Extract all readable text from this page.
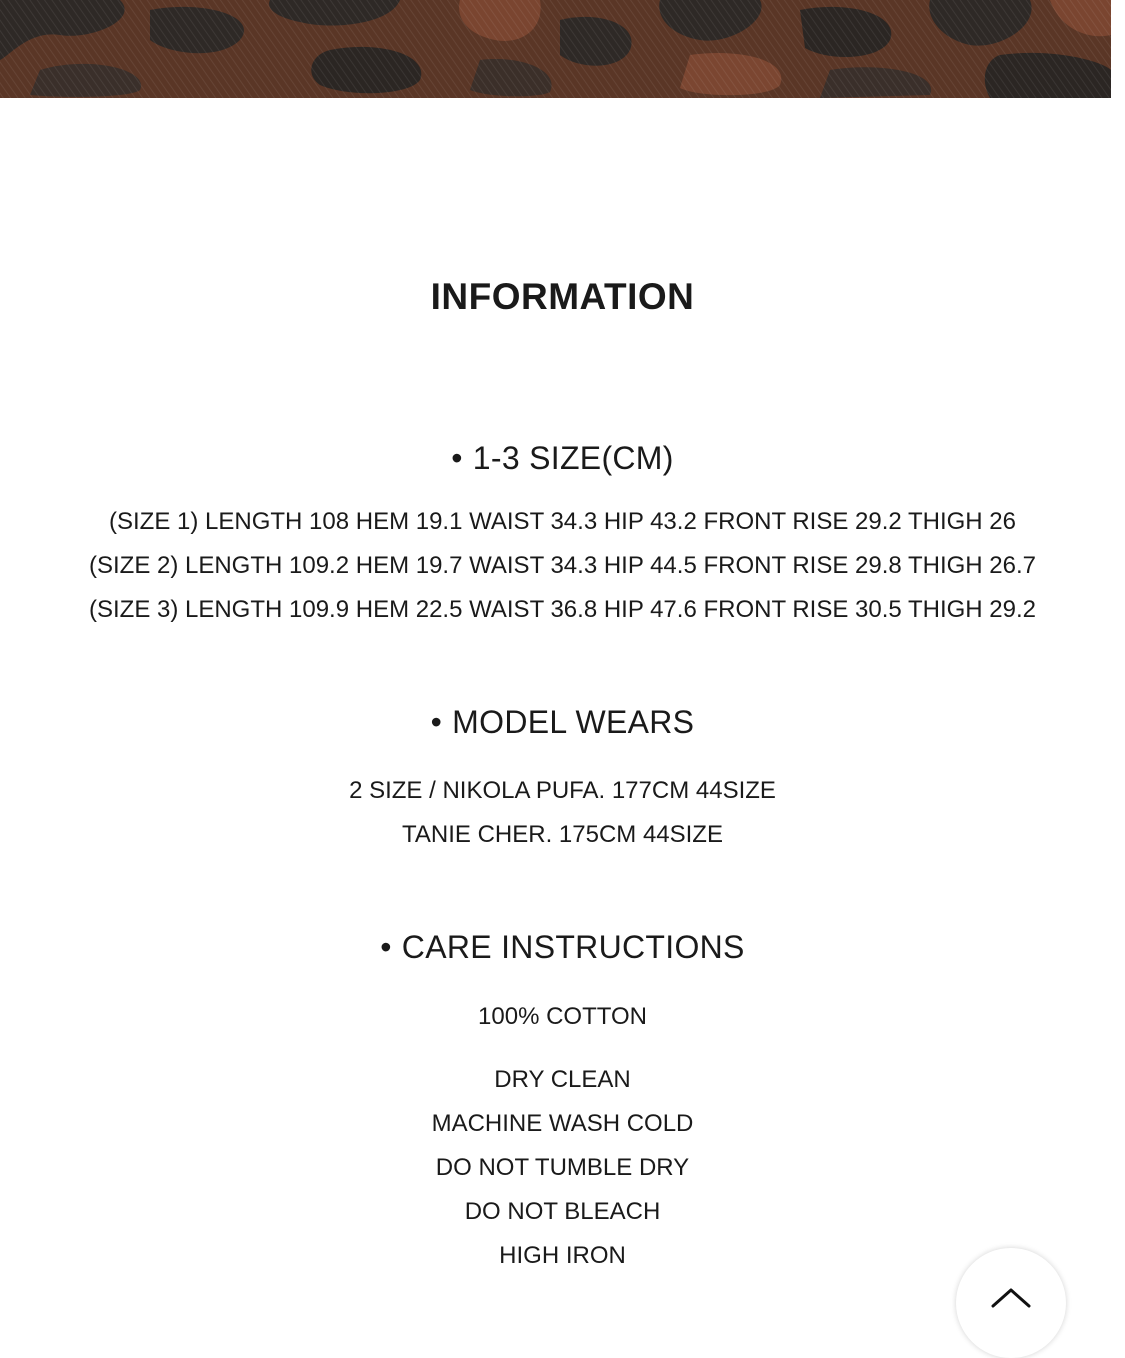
INFORMATION
• 1-3 SIZE(CM)
(SIZE 1) LENGTH 108 HEM 19.1 WAIST 34.3 HIP 43.2 FRONT RISE 29.2 THIGH 26
(SIZE 2) LENGTH 109.2 HEM 19.7 WAIST 34.3 HIP 44.5 FRONT RISE 29.8 THIGH 26.7
(SIZE 3) LENGTH 109.9 HEM 22.5 WAIST 36.8 HIP 47.6 FRONT RISE 30.5 THIGH 29.2
• MODEL WEARS
2 SIZE / NIKOLA PUFA. 177CM 44SIZE
TANIE CHER. 175CM 44SIZE
• CARE INSTRUCTIONS
100% COTTON
DRY CLEAN
MACHINE WASH COLD
DO NOT TUMBLE DRY
DO NOT BLEACH
HIGH IRON
